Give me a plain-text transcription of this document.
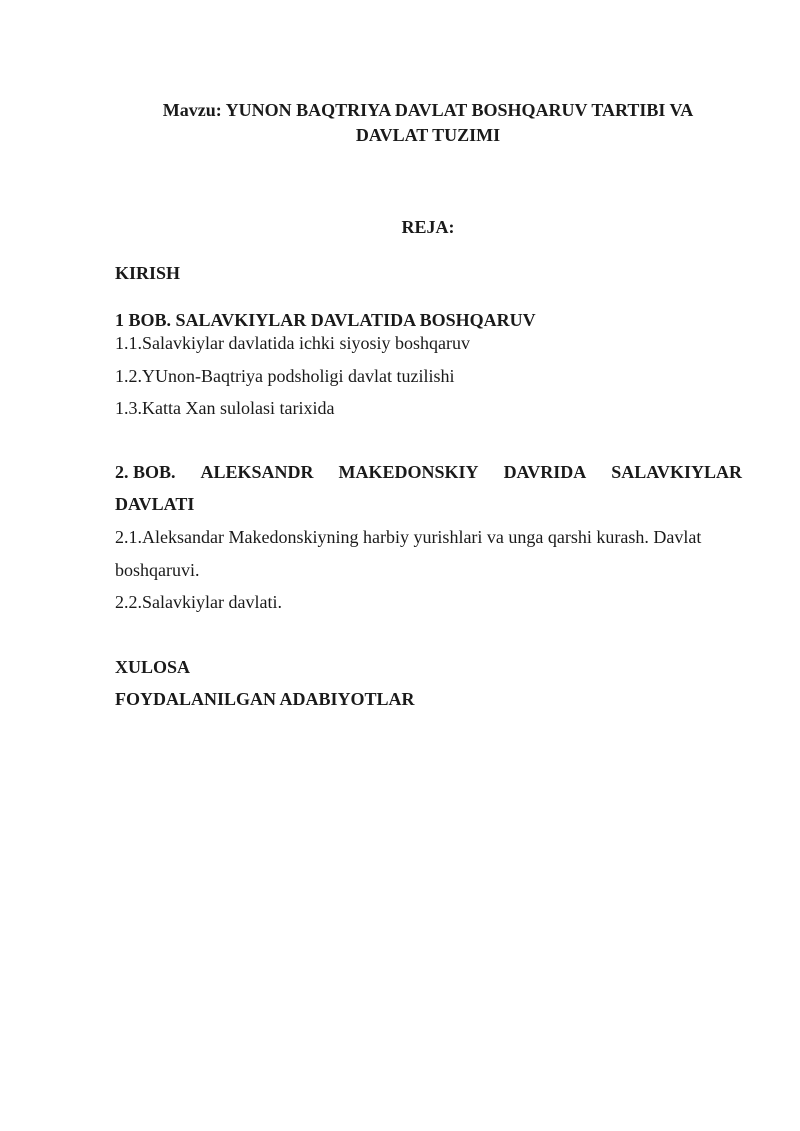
Mavzu: YUNON BAQTRIYA DAVLAT BOSHQARUV TARTIBI VA
DAVLAT TUZIMI
REJA:
KIRISH
1 BOB. SALAVKIYLAR DAVLATIDA BOSHQARUV
1.1.Salavkiylar davlatida ichki siyosiy boshqaruv
1.2.YUnon-Baqtriya podsholigi davlat tuzilishi
1.3.Katta Xan sulolasi tarixida
2. BOB. ALEKSANDR MAKEDONSKIY DAVRIDA SALAVKIYLAR
DAVLATI
2.1.Aleksandar Makedonskiyning harbiy yurishlari va unga qarshi kurash. Davlat
boshqaruvi.
2.2.Salavkiylar davlati.
XULOSA
FOYDALANILGAN ADABIYOTLAR
